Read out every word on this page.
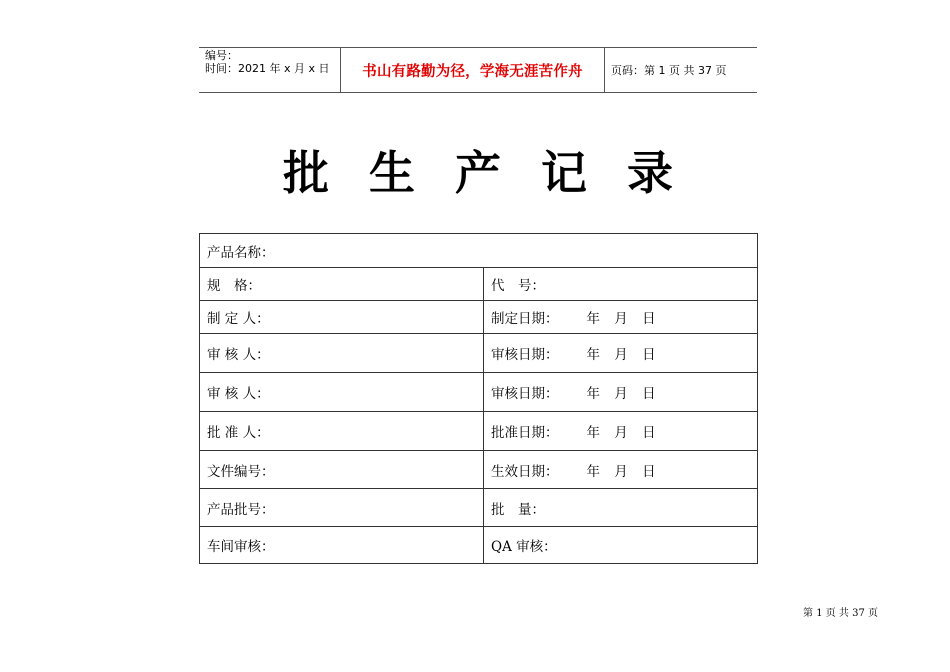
编号：
时间：2021 年 x 月 x 日	书山有路勤为径，学海无涯苦作舟	页码：第 1 页 共 37 页
批 生 产 记 录
产品名称：	
规　格：	代　号：
制 定 人：	制定日期： 年 月 日
审 核 人：	审核日期： 年 月 日
审 核 人：	审核日期： 年 月 日
批 准 人：	批准日期： 年 月 日
文件编号：	生效日期： 年 月 日
产品批号：	批　量：
车间审核：	QA 审核：
第 1 页 共 37 页
